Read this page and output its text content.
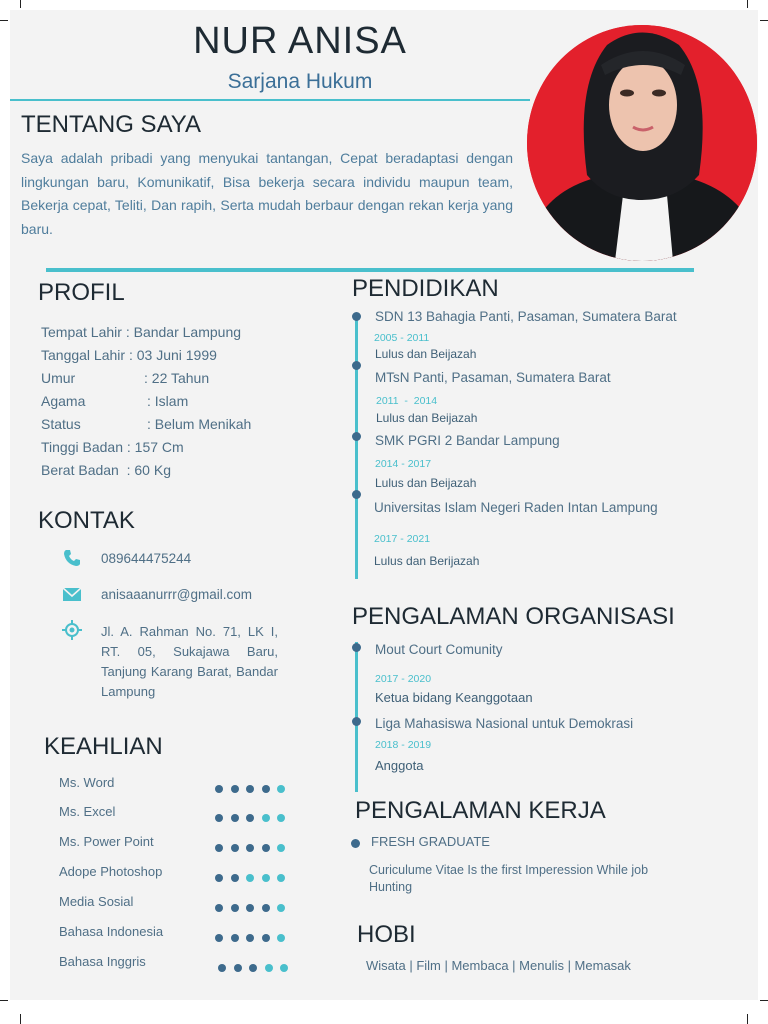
NUR ANISA
Sarjana Hukum
TENTANG SAYA
Saya adalah pribadi yang menyukai tantangan, Cepat beradaptasi dengan lingkungan baru, Komunikatif, Bisa bekerja secara individu maupun team, Bekerja cepat, Teliti, Dan rapih, Serta mudah berbaur dengan rekan kerja yang baru.
PROFIL
Tempat Lahir : Bandar Lampung
Tanggal Lahir : 03 Juni 1999
Umur	: 22 Tahun
Agama	: Islam
Status	: Belum Menikah
Tinggi Badan : 157 Cm
Berat Badan  : 60 Kg
KONTAK
089644475244
anisaaanurrr@gmail.com
Jl. A. Rahman No. 71, LK I, RT. 05, Sukajawa Baru, Tanjung Karang Barat, Bandar Lampung
KEAHLIAN
Ms. Word
Ms. Excel
Ms. Power Point
Adope Photoshop
Media Sosial
Bahasa Indonesia
Bahasa Inggris
PENDIDIKAN
SDN 13 Bahagia Panti, Pasaman, Sumatera Barat
2005 - 2011
Lulus dan Beijazah
MTsN Panti, Pasaman, Sumatera Barat
2011  -  2014
Lulus dan Beijazah
SMK PGRI 2 Bandar Lampung
2014 - 2017
Lulus dan Beijazah
Universitas Islam Negeri Raden Intan Lampung
2017 - 2021
Lulus dan Berijazah
PENGALAMAN ORGANISASI
Mout Court Comunity
2017 - 2020
Ketua bidang Keanggotaan
Liga Mahasiswa Nasional untuk Demokrasi
2018 - 2019
Anggota
PENGALAMAN KERJA
FRESH GRADUATE
Curiculume Vitae Is the first Imperession While job Hunting
HOBI
Wisata | Film | Membaca | Menulis | Memasak
